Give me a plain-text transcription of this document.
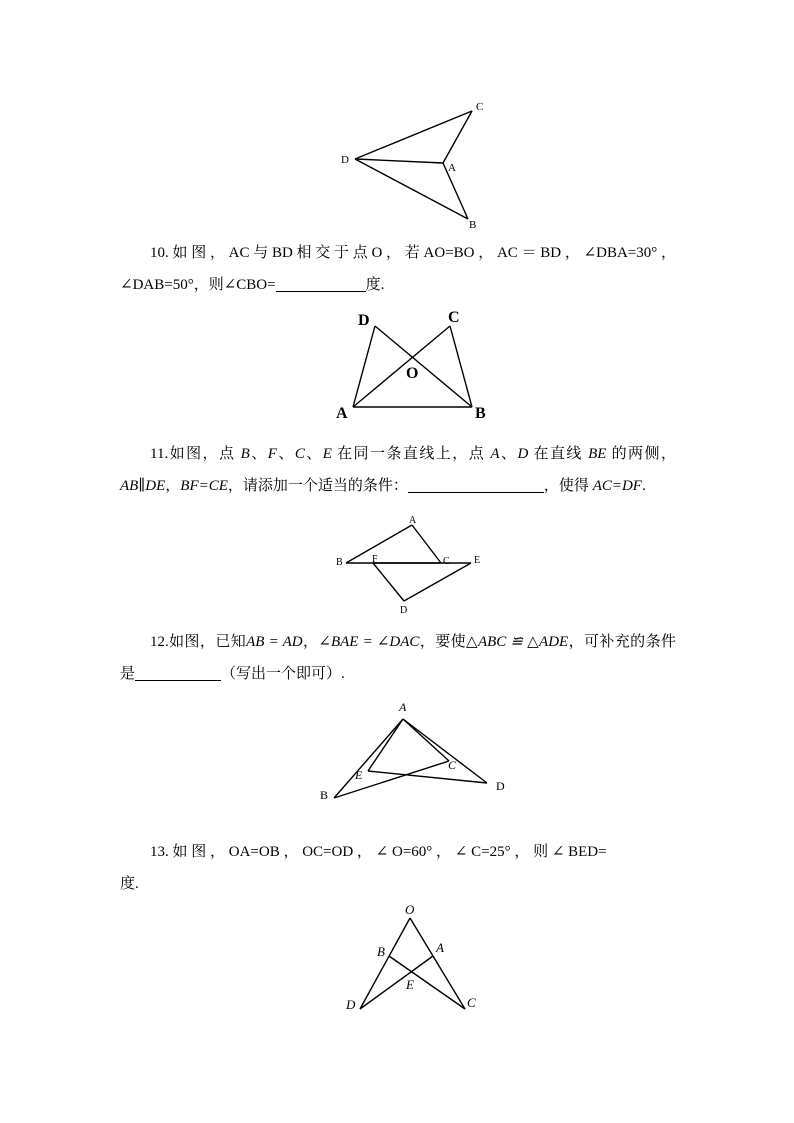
C
D
A
B
10.如图，AC与BD相交于点O，若AO=BO，AC＝BD，∠DBA=30°，∠DAB=50°，则∠CBO=	度.
D	C
O
A	B
11.如图，点 B、F、C、E 在同一条直线上，点 A、D 在直线 BE 的两侧，AB∥DE，BF=CE，请添加一个适当的条件：	，使得 AC=DF.
A
B	F	C E
D
12.如图，已知AB = AD，∠BAE = ∠DAC，要使△ABC ≌ △ADE，可补充的条件是	（写出一个即可）.
A
E
C
B
D
13. 如 图 ， OA=OB ， OC=OD ， ∠ O=60° ， ∠ C=25° ， 则 ∠ BED=
度.
O
B	A
E
D	C
